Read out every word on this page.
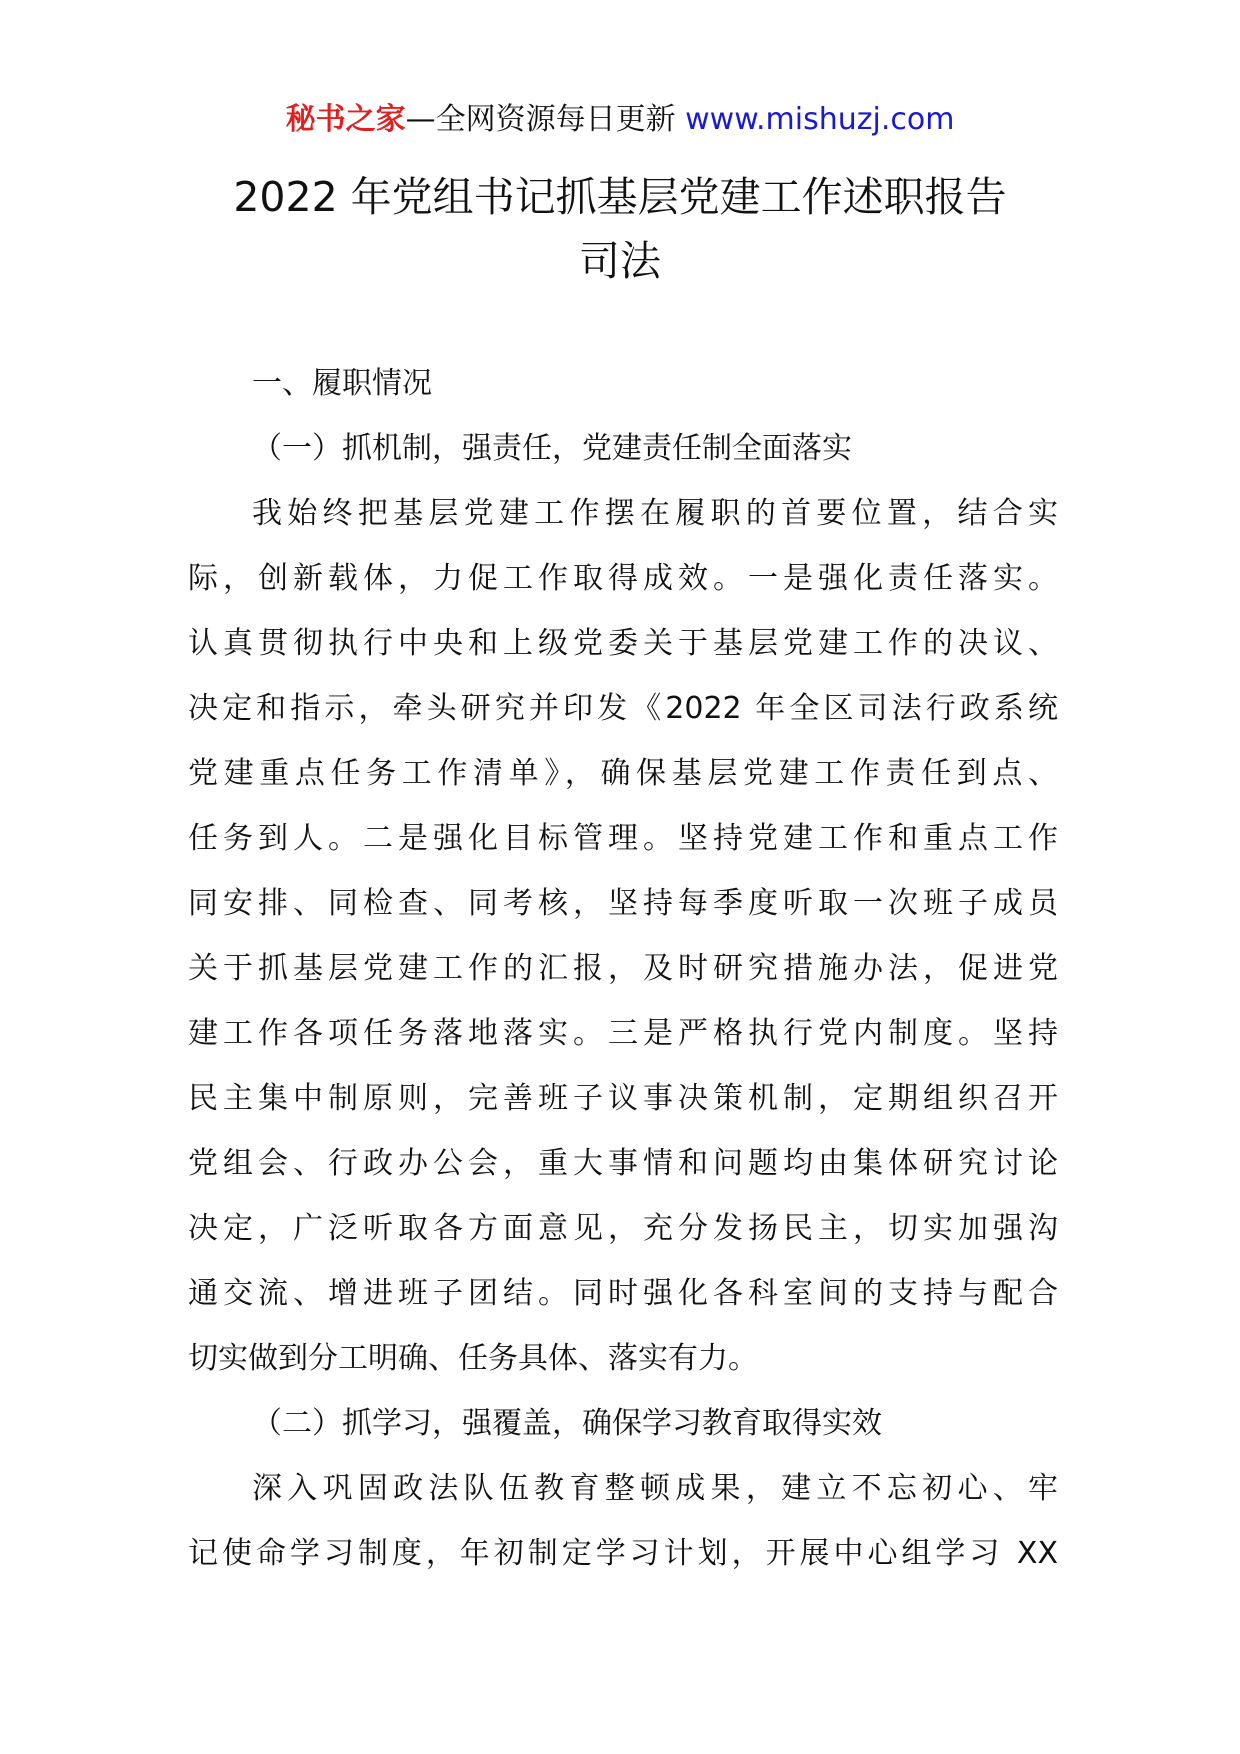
秘书之家—全网资源每日更新 www.mishuzj.com
2022 年党组书记抓基层党建工作述职报告
司法
一、履职情况
（一）抓机制，强责任，党建责任制全面落实
我始终把基层党建工作摆在履职的首要位置，结合实
际，创新载体，力促工作取得成效。一是强化责任落实。
认真贯彻执行中央和上级党委关于基层党建工作的决议、
决定和指示，牵头研究并印发《2022 年全区司法行政系统
党建重点任务工作清单》，确保基层党建工作责任到点、
任务到人。二是强化目标管理。坚持党建工作和重点工作
同安排、同检查、同考核，坚持每季度听取一次班子成员
关于抓基层党建工作的汇报，及时研究措施办法，促进党
建工作各项任务落地落实。三是严格执行党内制度。坚持
民主集中制原则，完善班子议事决策机制，定期组织召开
党组会、行政办公会，重大事情和问题均由集体研究讨论
决定，广泛听取各方面意见，充分发扬民主，切实加强沟
通交流、增进班子团结。同时强化各科室间的支持与配合
切实做到分工明确、任务具体、落实有力。
（二）抓学习，强覆盖，确保学习教育取得实效
深入巩固政法队伍教育整顿成果，建立不忘初心、牢
记使命学习制度，年初制定学习计划，开展中心组学习 XX
